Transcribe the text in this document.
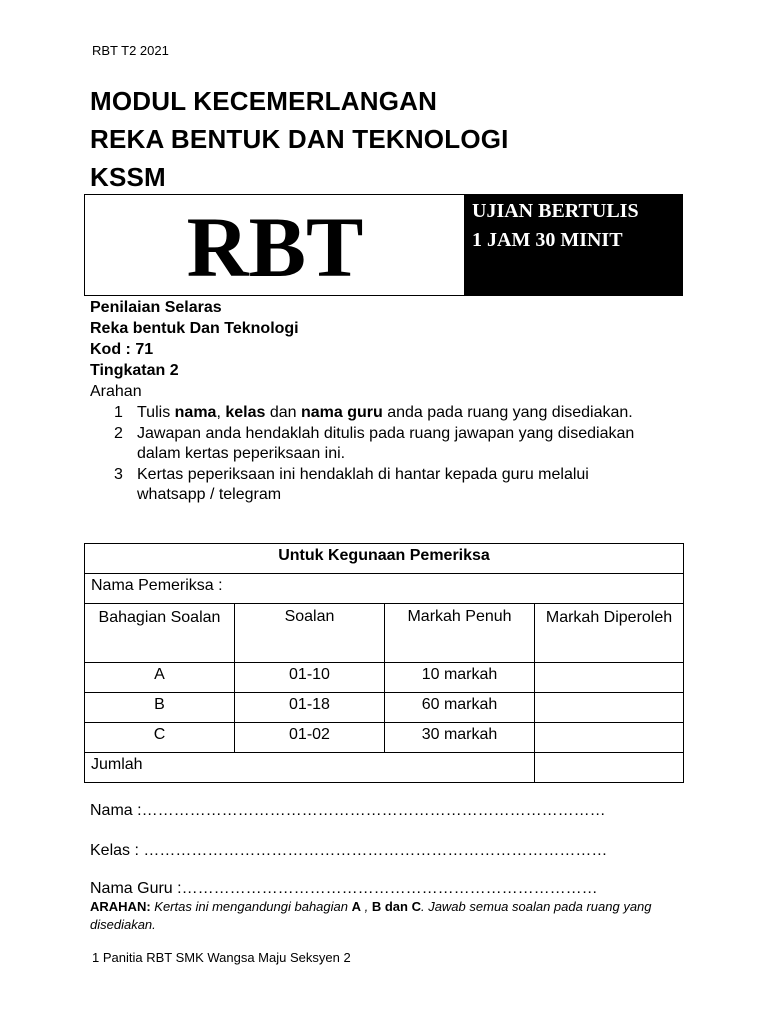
RBT T2 2021
MODUL KECEMERLANGAN
REKA BENTUK DAN TEKNOLOGI
KSSM
RBT	UJIAN BERTULIS
1 JAM 30 MINIT
Penilaian Selaras
Reka bentuk Dan Teknologi
Kod : 71
Tingkatan 2
Arahan
1 Tulis nama, kelas dan nama guru anda pada ruang yang disediakan.
2 Jawapan anda hendaklah ditulis pada ruang jawapan yang disediakan dalam kertas peperiksaan ini.
3 Kertas peperiksaan ini hendaklah di hantar kepada guru melalui whatsapp / telegram
Untuk Kegunaan Pemeriksa			
Nama Pemeriksa :			
Bahagian Soalan	Soalan	Markah Penuh	Markah Diperoleh
A	01-10	10 markah	
B	01-18	60 markah	
C	01-02	30 markah	
Jumlah			
Nama :……………………………………………………………………………
Kelas : ……………………………………………………………………………
Nama Guru :……………………………………………………………………
ARAHAN: Kertas ini mengandungi bahagian A , B dan C. Jawab semua soalan pada ruang yang disediakan.
1 Panitia RBT SMK Wangsa Maju Seksyen 2
